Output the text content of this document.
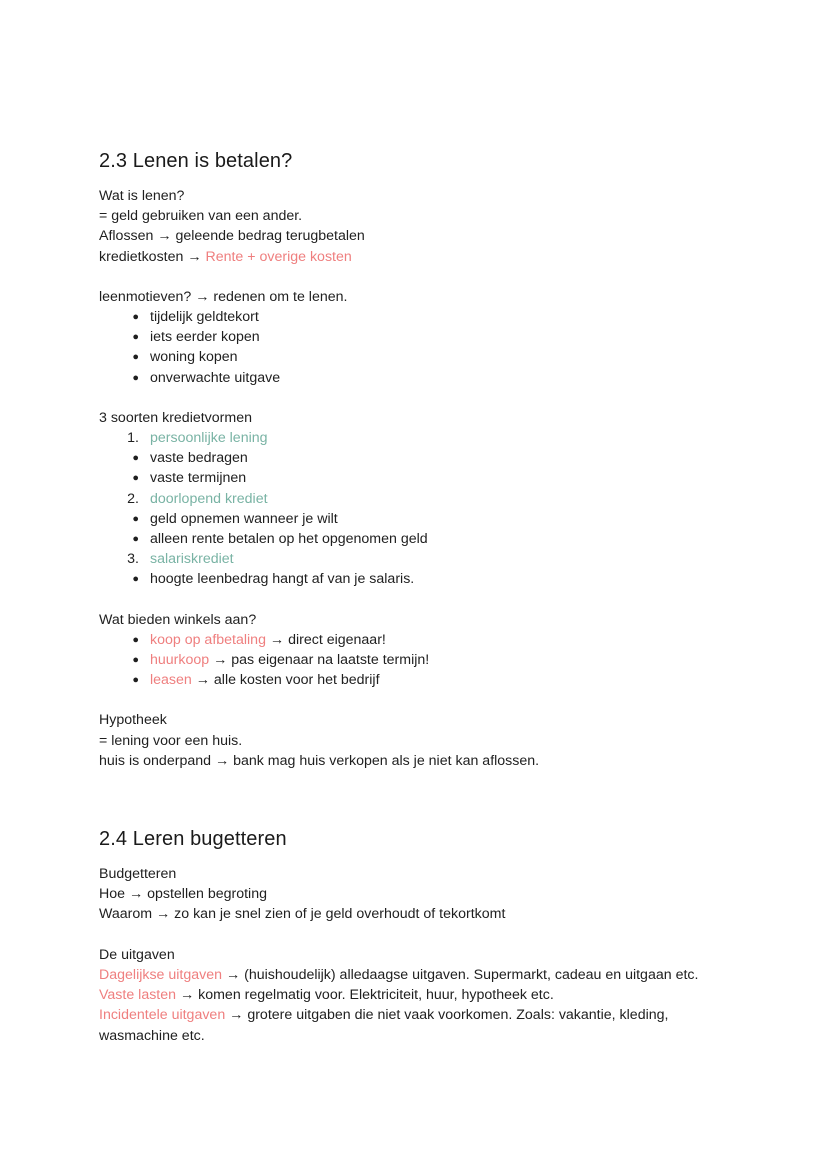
2.3 Lenen is betalen?
Wat is lenen?
= geld gebruiken van een ander.
Aflossen → geleende bedrag terugbetalen
kredietkosten → Rente + overige kosten
leenmotieven? → redenen om te lenen.
● tijdelijk geldtekort
● iets eerder kopen
● woning kopen
● onverwachte uitgave
3 soorten kredietvormen
1. persoonlijke lening
● vaste bedragen
● vaste termijnen
2. doorlopend krediet
● geld opnemen wanneer je wilt
● alleen rente betalen op het opgenomen geld
3. salariskrediet
● hoogte leenbedrag hangt af van je salaris.
Wat bieden winkels aan?
● koop op afbetaling → direct eigenaar!
● huurkoop → pas eigenaar na laatste termijn!
● leasen → alle kosten voor het bedrijf
Hypotheek
= lening voor een huis.
huis is onderpand → bank mag huis verkopen als je niet kan aflossen.
2.4 Leren bugetteren
Budgetteren
Hoe → opstellen begroting
Waarom → zo kan je snel zien of je geld overhoudt of tekortkomt
De uitgaven
Dagelijkse uitgaven → (huishoudelijk) alledaagse uitgaven. Supermarkt, cadeau en uitgaan etc.
Vaste lasten → komen regelmatig voor. Elektriciteit, huur, hypotheek etc.
Incidentele uitgaven → grotere uitgaben die niet vaak voorkomen. Zoals: vakantie, kleding, wasmachine etc.
